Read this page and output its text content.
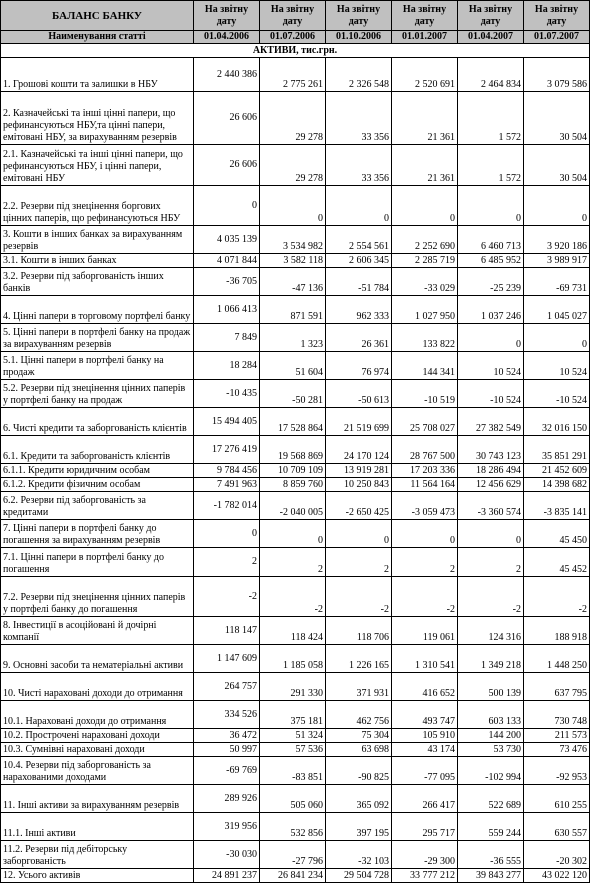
БАЛАНС БАНКУ	На звітну дату	На звітну дату	На звітну дату	На звітну дату	На звітну дату	На звітну дату
Наименування статті	01.04.2006	01.07.2006	01.10.2006	01.01.2007	01.04.2007	01.07.2007
АКТИВИ, тис.грн.						
1. Грошові кошти та залишки в НБУ	2 440 386	2 775 261	2 326 548	2 520 691	2 464 834	3 079 586
2. Казначейські та інші цінні папери, що рефинансуються НБУ,та цінні папери, емітовані НБУ, за вирахуванням резервів	26 606	29 278	33 356	21 361	1 572	30 504
2.1. Казначейські та інші цінні папери, що рефинансуються НБУ, і цінні папери, емітовані НБУ	26 606	29 278	33 356	21 361	1 572	30 504
2.2. Резерви під знецінення боргових цінних паперів, що рефинансуються НБУ	0	0	0	0	0	0
3. Кошти в інших банках за вирахуванням резервів	4 035 139	3 534 982	2 554 561	2 252 690	6 460 713	3 920 186
3.1. Кошти в інших банках	4 071 844	3 582 118	2 606 345	2 285 719	6 485 952	3 989 917
3.2. Резерви під заборгованість інших банків	-36 705	-47 136	-51 784	-33 029	-25 239	-69 731
4. Цінні папери в торговому портфелі банку	1 066 413	871 591	962 333	1 027 950	1 037 246	1 045 027
5. Цінні папери в портфелі банку на продаж за вирахуванням резервів	7 849	1 323	26 361	133 822	0	0
5.1. Цінні папери в портфелі банку на продаж	18 284	51 604	76 974	144 341	10 524	10 524
5.2. Резерви під знецінення цінних паперів у портфелі банку на продаж	-10 435	-50 281	-50 613	-10 519	-10 524	-10 524
6. Чисті кредити та заборгованість клієнтів	15 494 405	17 528 864	21 519 699	25 708 027	27 382 549	32 016 150
6.1. Кредити та заборгованість клієнтів	17 276 419	19 568 869	24 170 124	28 767 500	30 743 123	35 851 291
6.1.1. Кредити юридичним особам	9 784 456	10 709 109	13 919 281	17 203 336	18 286 494	21 452 609
6.1.2. Кредити фізичним особам	7 491 963	8 859 760	10 250 843	11 564 164	12 456 629	14 398 682
6.2. Резерви під заборгованість за кредитами	-1 782 014	-2 040 005	-2 650 425	-3 059 473	-3 360 574	-3 835 141
7. Цінні папери в портфелі банку до погашення за вирахуванням резервів	0	0	0	0	0	45 450
7.1. Цінні папери в портфелі банку до погашення	2	2	2	2	2	45 452
7.2. Резерви під знецінення цінних паперів у портфелі банку до погашення	-2	-2	-2	-2	-2	-2
8. Інвестиції в асоційовані й дочірні компанії	118 147	118 424	118 706	119 061	124 316	188 918
9. Основні засоби та нематеріальні активи	1 147 609	1 185 058	1 226 165	1 310 541	1 349 218	1 448 250
10. Чисті нараховані доходи до отримання	264 757	291 330	371 931	416 652	500 139	637 795
10.1. Нараховані доходи до отримання	334 526	375 181	462 756	493 747	603 133	730 748
10.2. Прострочені нараховані доходи	36 472	51 324	75 304	105 910	144 200	211 573
10.3. Сумнівні нараховані доходи	50 997	57 536	63 698	43 174	53 730	73 476
10.4. Резерви під заборгованість за нарахованими доходами	-69 769	-83 851	-90 825	-77 095	-102 994	-92 953
11. Інші активи за вирахуванням резервів	289 926	505 060	365 092	266 417	522 689	610 255
11.1. Інші активи	319 956	532 856	397 195	295 717	559 244	630 557
11.2. Резерви під дебіторську заборгованість	-30 030	-27 796	-32 103	-29 300	-36 555	-20 302
12. Усього активів	24 891 237	26 841 234	29 504 728	33 777 212	39 843 277	43 022 120
